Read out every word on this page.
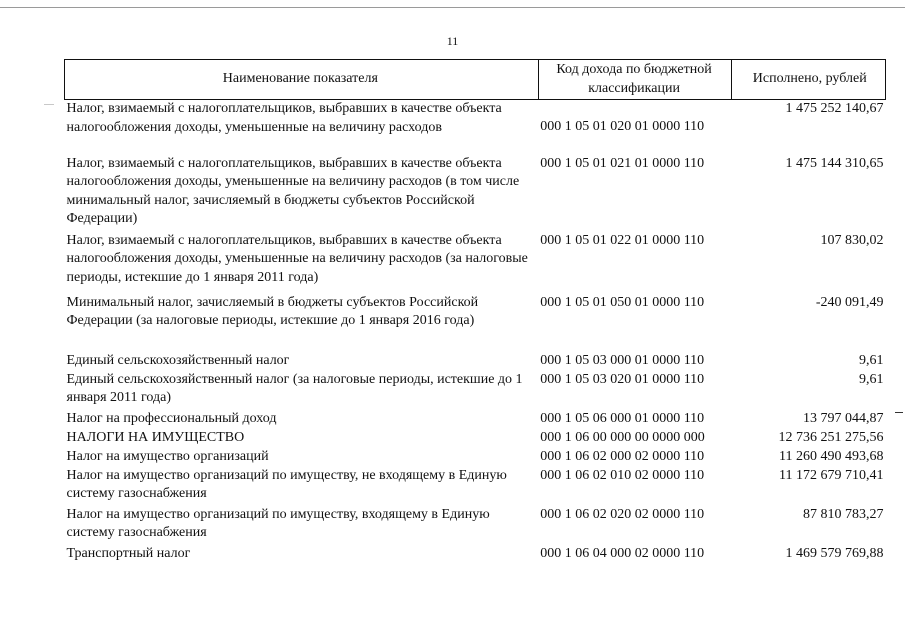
11
Наименование показателя	Код дохода по бюджетной классификации	Исполнено, рублей
Налог, взимаемый с налогоплательщиков, выбравших в качестве объекта налогообложения доходы, уменьшенные на величину расходов	000 1 05 01 020 01 0000 110	1 475 252 140,67
Налог, взимаемый с налогоплательщиков, выбравших в качестве объекта налогообложения доходы, уменьшенные на величину расходов (в том числе минимальный налог, зачисляемый в бюджеты субъектов Российской Федерации)	000 1 05 01 021 01 0000 110	1 475 144 310,65
Налог, взимаемый с налогоплательщиков, выбравших в качестве объекта налогообложения доходы, уменьшенные на величину расходов (за налоговые периоды, истекшие до 1 января 2011 года)	000 1 05 01 022 01 0000 110	107 830,02
Минимальный налог, зачисляемый в бюджеты субъектов Российской Федерации (за налоговые периоды, истекшие до 1 января 2016 года)	000 1 05 01 050 01 0000 110	-240 091,49
Единый сельскохозяйственный налог	000 1 05 03 000 01 0000 110	9,61
Единый сельскохозяйственный налог (за налоговые периоды, истекшие до 1 января 2011 года)	000 1 05 03 020 01 0000 110	9,61
Налог на профессиональный доход	000 1 05 06 000 01 0000 110	13 797 044,87
НАЛОГИ НА ИМУЩЕСТВО	000 1 06 00 000 00 0000 000	12 736 251 275,56
Налог на имущество организаций	000 1 06 02 000 02 0000 110	11 260 490 493,68
Налог на имущество организаций по имуществу, не входящему в Единую систему газоснабжения	000 1 06 02 010 02 0000 110	11 172 679 710,41
Налог на имущество организаций по имуществу, входящему в Единую систему газоснабжения	000 1 06 02 020 02 0000 110	87 810 783,27
Транспортный налог	000 1 06 04 000 02 0000 110	1 469 579 769,88
